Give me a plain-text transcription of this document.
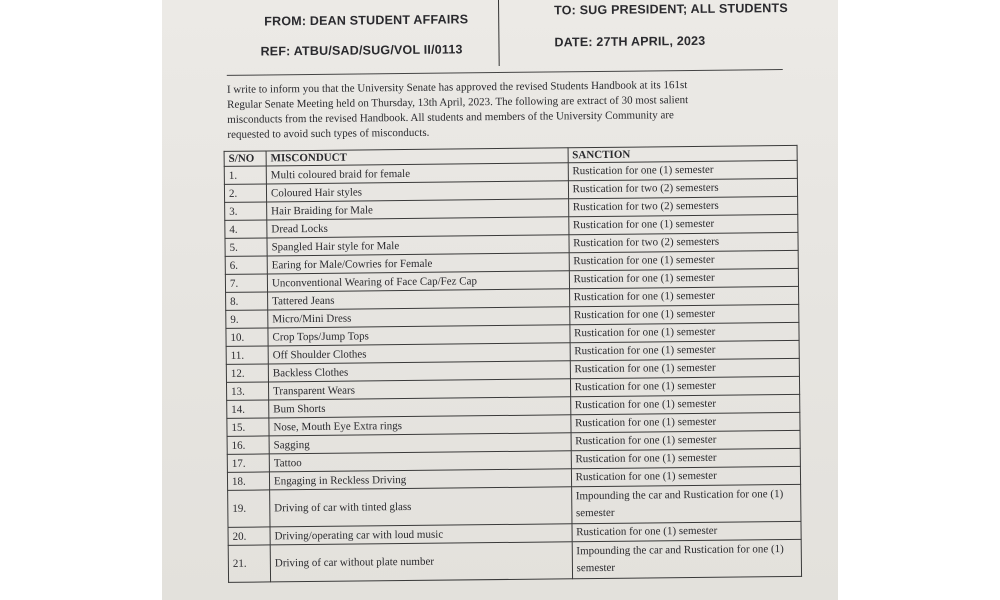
FROM: DEAN STUDENT AFFAIRS
TO: SUG PRESIDENT; ALL STUDENTS
REF: ATBU/SAD/SUG/VOL II/0113
DATE: 27TH APRIL, 2023
I write to inform you that the University Senate has approved the revised Students Handbook at its 161st
Regular Senate Meeting held on Thursday, 13th April, 2023. The following are extract of 30 most salient
misconducts from the revised Handbook. All students and members of the University Community are
requested to avoid such types of misconducts.
S/NO	MISCONDUCT	SANCTION
1.	Multi coloured braid for female	Rustication for one (1) semester
2.	Coloured Hair styles	Rustication for two (2) semesters
3.	Hair Braiding for Male	Rustication for two (2) semesters
4.	Dread Locks	Rustication for one (1) semester
5.	Spangled Hair style for Male	Rustication for two (2) semesters
6.	Earing for Male/Cowries for Female	Rustication for one (1) semester
7.	Unconventional Wearing of Face Cap/Fez Cap	Rustication for one (1) semester
8.	Tattered Jeans	Rustication for one (1) semester
9.	Micro/Mini Dress	Rustication for one (1) semester
10.	Crop Tops/Jump Tops	Rustication for one (1) semester
11.	Off Shoulder Clothes	Rustication for one (1) semester
12.	Backless Clothes	Rustication for one (1) semester
13.	Transparent Wears	Rustication for one (1) semester
14.	Bum Shorts	Rustication for one (1) semester
15.	Nose, Mouth Eye Extra rings	Rustication for one (1) semester
16.	Sagging	Rustication for one (1) semester
17.	Tattoo	Rustication for one (1) semester
18.	Engaging in Reckless Driving	Rustication for one (1) semester
19.	Driving of car with tinted glass	Impounding the car and Rustication for one (1) semester
20.	Driving/operating car with loud music	Rustication for one (1) semester
21.	Driving of car without plate number	Impounding the car and Rustication for one (1) semester
